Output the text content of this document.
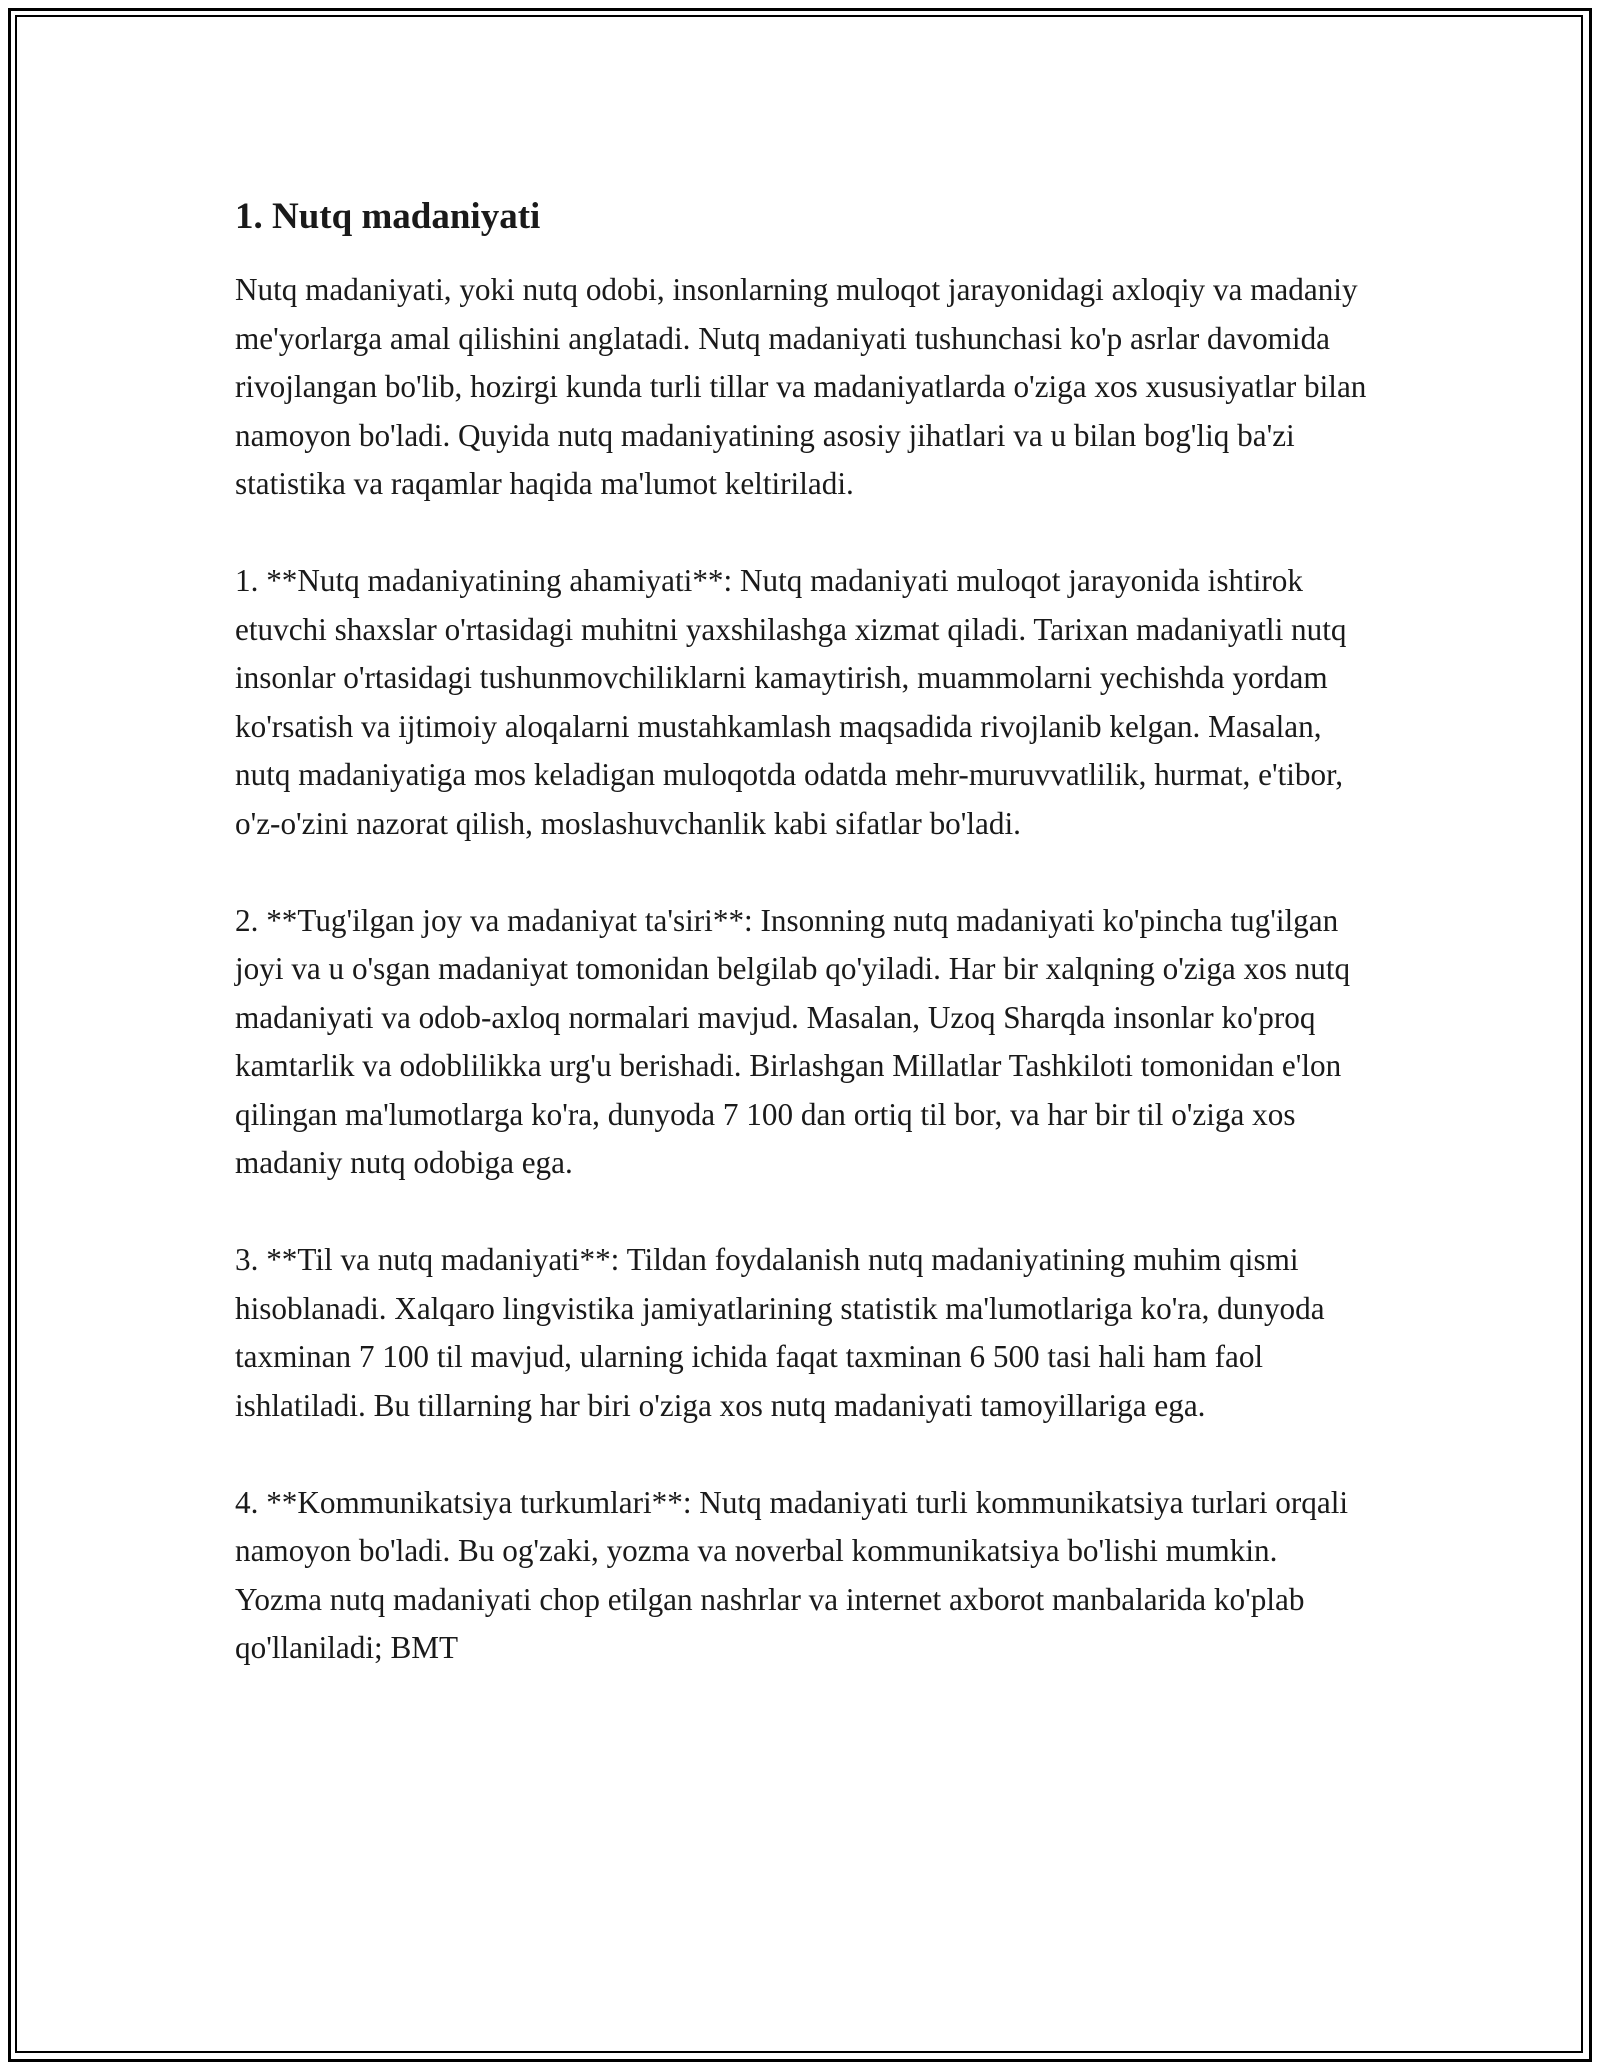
1. Nutq madaniyati

Nutq madaniyati, yoki nutq odobi, insonlarning muloqot jarayonidagi axloqiy va madaniy me'yorlarga amal qilishini anglatadi. Nutq madaniyati tushunchasi ko'p asrlar davomida rivojlangan bo'lib, hozirgi kunda turli tillar va madaniyatlarda o'ziga xos xususiyatlar bilan namoyon bo'ladi. Quyida nutq madaniyatining asosiy jihatlari va u bilan bog'liq ba'zi statistika va raqamlar haqida ma'lumot keltiriladi.

1. **Nutq madaniyatining ahamiyati**: Nutq madaniyati muloqot jarayonida ishtirok etuvchi shaxslar o'rtasidagi muhitni yaxshilashga xizmat qiladi. Tarixan madaniyatli nutq insonlar o'rtasidagi tushunmovchiliklarni kamaytirish, muammolarni yechishda yordam ko'rsatish va ijtimoiy aloqalarni mustahkamlash maqsadida rivojlanib kelgan. Masalan, nutq madaniyatiga mos keladigan muloqotda odatda mehr-muruvvatlilik, hurmat, e'tibor, o'z-o'zini nazorat qilish, moslashuvchanlik kabi sifatlar bo'ladi.

2. **Tug'ilgan joy va madaniyat ta'siri**: Insonning nutq madaniyati ko'pincha tug'ilgan joyi va u o'sgan madaniyat tomonidan belgilab qo'yiladi. Har bir xalqning o'ziga xos nutq madaniyati va odob-axloq normalari mavjud. Masalan, Uzoq Sharqda insonlar ko'proq kamtarlik va odoblilikka urg'u berishadi. Birlashgan Millatlar Tashkiloti tomonidan e'lon qilingan ma'lumotlarga ko'ra, dunyoda 7 100 dan ortiq til bor, va har bir til o'ziga xos madaniy nutq odobiga ega.

3. **Til va nutq madaniyati**: Tildan foydalanish nutq madaniyatining muhim qismi hisoblanadi. Xalqaro lingvistika jamiyatlarining statistik ma'lumotlariga ko'ra, dunyoda taxminan 7 100 til mavjud, ularning ichida faqat taxminan 6 500 tasi hali ham faol ishlatiladi. Bu tillarning har biri o'ziga xos nutq madaniyati tamoyillariga ega.

4. **Kommunikatsiya turkumlari**: Nutq madaniyati turli kommunikatsiya turlari orqali namoyon bo'ladi. Bu og'zaki, yozma va noverbal kommunikatsiya bo'lishi mumkin. Yozma nutq madaniyati chop etilgan nashrlar va internet axborot manbalarida ko'plab qo'llaniladi; BMT
